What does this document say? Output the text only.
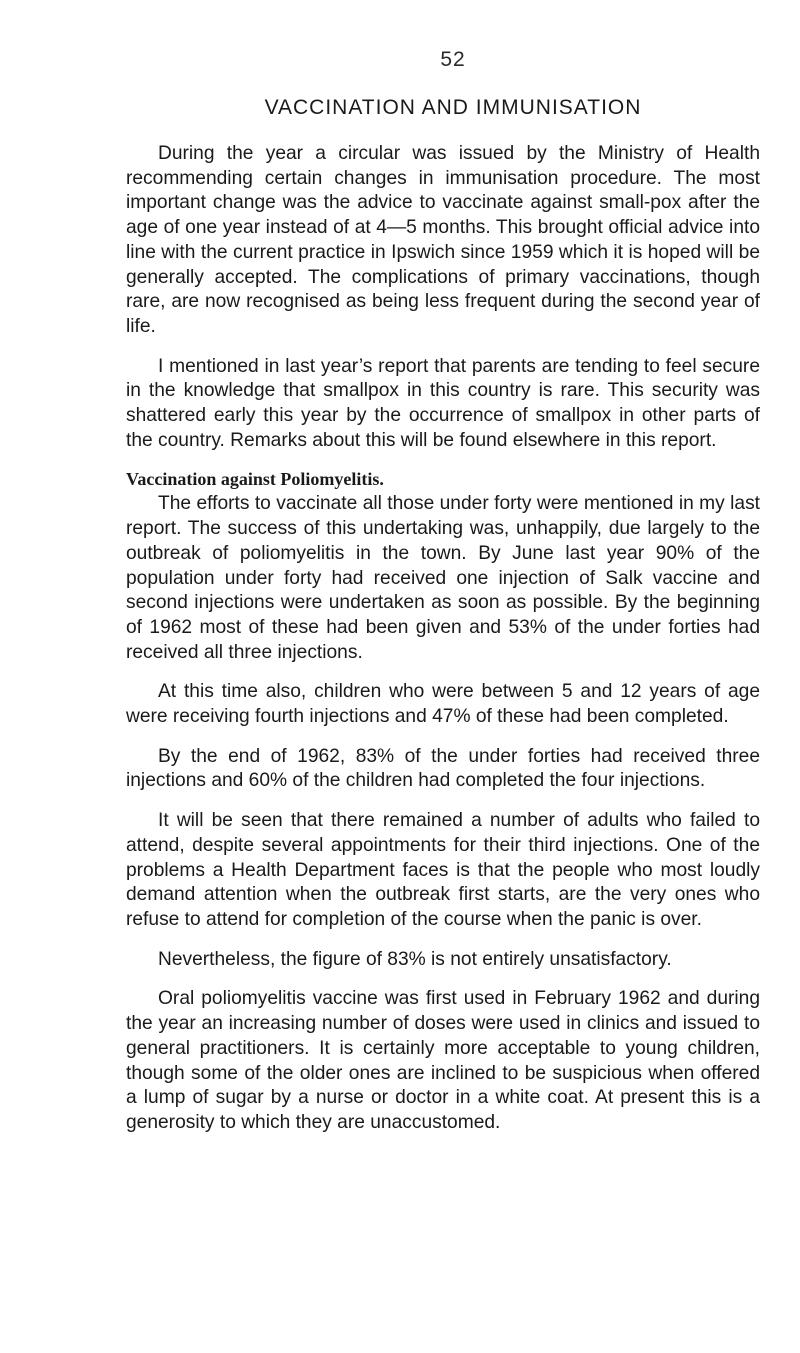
52
VACCINATION AND IMMUNISATION

During the year a circular was issued by the Ministry of Health recommending certain changes in immunisation procedure. The most important change was the advice to vaccinate against small-pox after the age of one year instead of at 4—5 months. This brought official advice into line with the current practice in Ipswich since 1959 which it is hoped will be generally accepted. The complications of primary vaccinations, though rare, are now recognised as being less frequent during the second year of life.

I mentioned in last year’s report that parents are tending to feel secure in the knowledge that smallpox in this country is rare. This security was shattered early this year by the occurrence of smallpox in other parts of the country. Remarks about this will be found elsewhere in this report.

Vaccination against Poliomyelitis.

The efforts to vaccinate all those under forty were mentioned in my last report. The success of this undertaking was, unhappily, due largely to the outbreak of poliomyelitis in the town. By June last year 90% of the population under forty had received one injection of Salk vaccine and second injections were undertaken as soon as possible. By the beginning of 1962 most of these had been given and 53% of the under forties had received all three injections.

At this time also, children who were between 5 and 12 years of age were receiving fourth injections and 47% of these had been completed.

By the end of 1962, 83% of the under forties had received three injections and 60% of the children had completed the four injections.

It will be seen that there remained a number of adults who failed to attend, despite several appointments for their third injections. One of the problems a Health Department faces is that the people who most loudly demand attention when the outbreak first starts, are the very ones who refuse to attend for completion of the course when the panic is over.

Nevertheless, the figure of 83% is not entirely unsatisfactory.

Oral poliomyelitis vaccine was first used in February 1962 and during the year an increasing number of doses were used in clinics and issued to general practitioners. It is certainly more acceptable to young children, though some of the older ones are inclined to be suspicious when offered a lump of sugar by a nurse or doctor in a white coat. At present this is a generosity to which they are unaccustomed.
